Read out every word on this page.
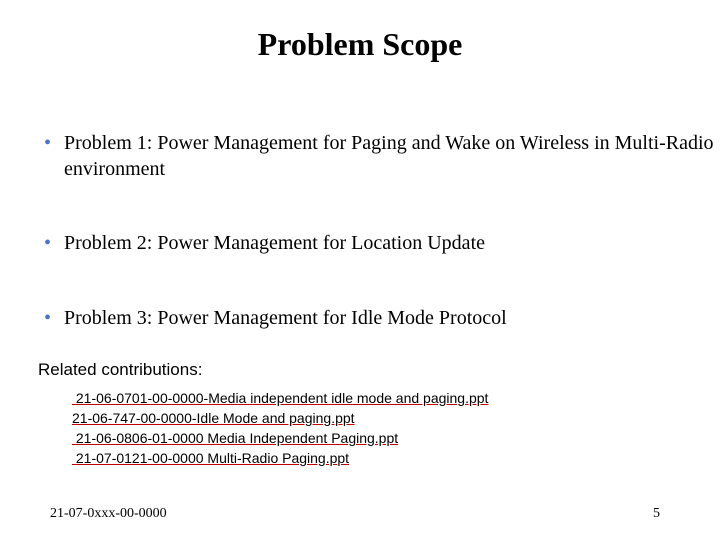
Problem Scope
• Problem 1: Power Management for Paging and Wake on Wireless in Multi-Radio environment
• Problem 2: Power Management for Location Update
• Problem 3: Power Management for Idle Mode Protocol
Related contributions:
21-06-0701-00-0000-Media independent idle mode and paging.ppt
21-06-747-00-0000-Idle Mode and paging.ppt
21-06-0806-01-0000 Media Independent Paging.ppt
21-07-0121-00-0000 Multi-Radio Paging.ppt
21-07-0xxx-00-0000	5
